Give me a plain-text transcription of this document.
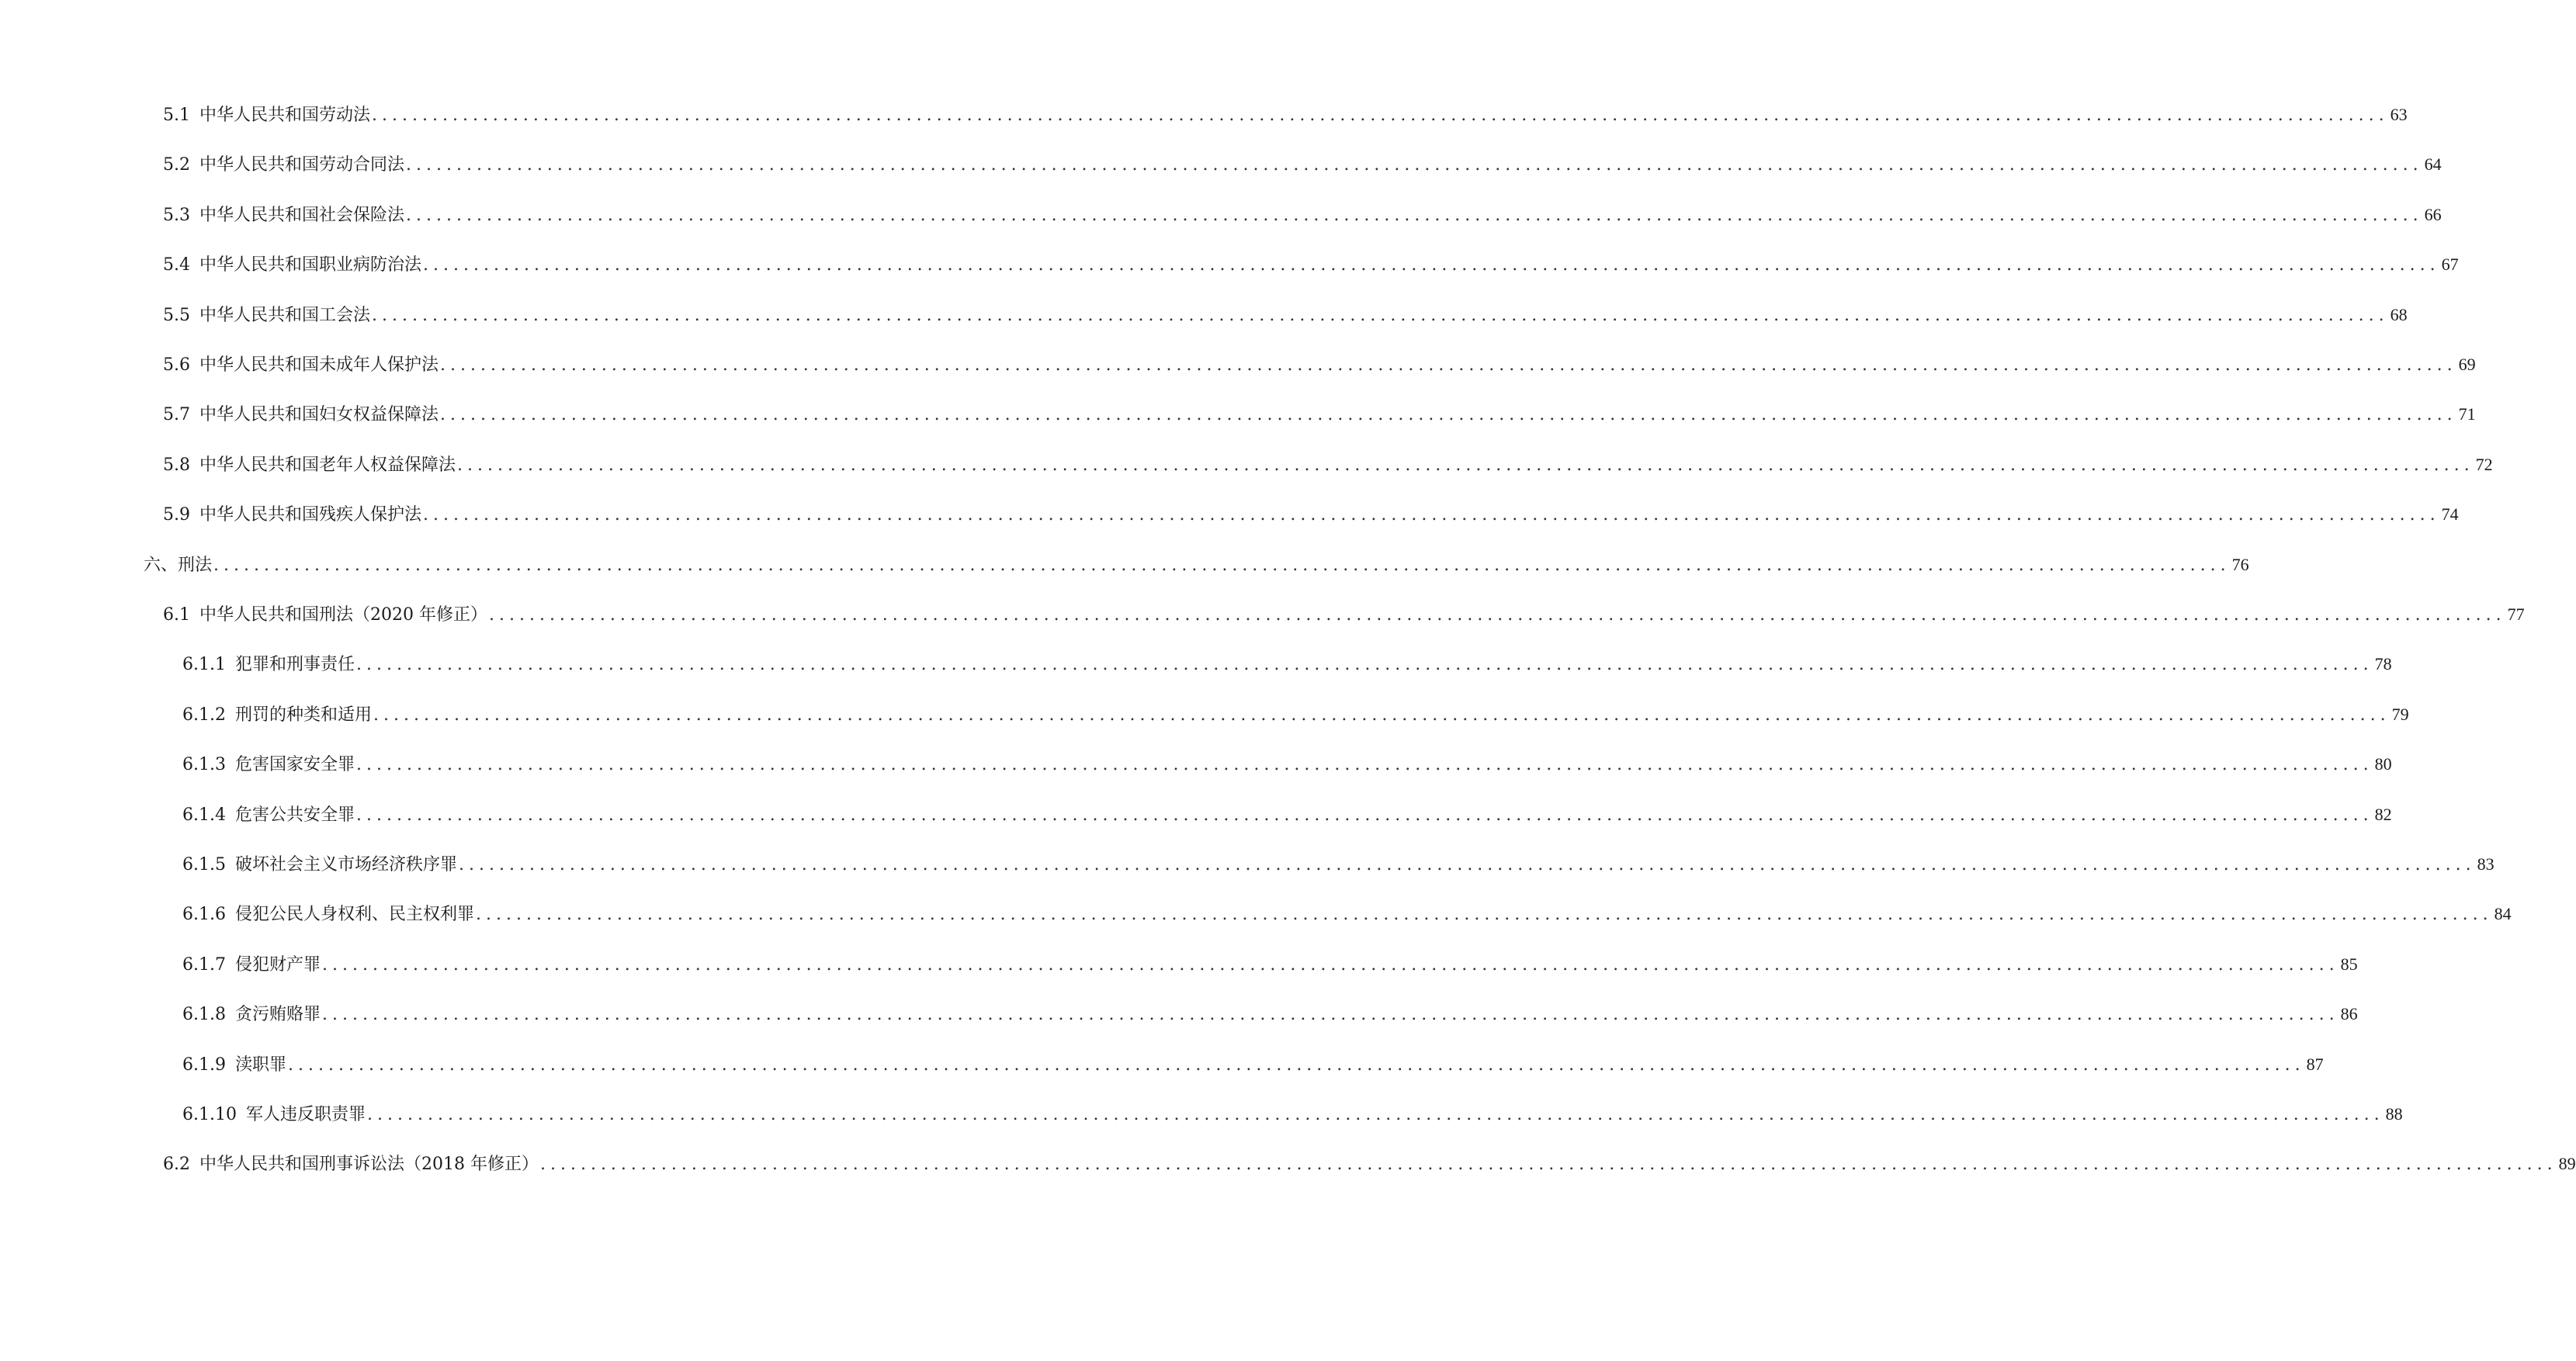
5.1 中华人民共和国劳动法 ........................................................................................................................................................................................................ 63
5.2 中华人民共和国劳动合同法 ........................................................................................................................................................................................................ 64
5.3 中华人民共和国社会保险法 ........................................................................................................................................................................................................ 66
5.4 中华人民共和国职业病防治法 ........................................................................................................................................................................................................ 67
5.5 中华人民共和国工会法 ........................................................................................................................................................................................................ 68
5.6 中华人民共和国未成年人保护法 ........................................................................................................................................................................................................ 69
5.7 中华人民共和国妇女权益保障法 ........................................................................................................................................................................................................ 71
5.8 中华人民共和国老年人权益保障法 ........................................................................................................................................................................................................ 72
5.9 中华人民共和国残疾人保护法 ........................................................................................................................................................................................................ 74
六、刑法 ........................................................................................................................................................................................................ 76
6.1 中华人民共和国刑法（2020 年修正） ........................................................................................................................................................................................................ 77
6.1.1 犯罪和刑事责任 ........................................................................................................................................................................................................ 78
6.1.2 刑罚的种类和适用 ........................................................................................................................................................................................................ 79
6.1.3 危害国家安全罪 ........................................................................................................................................................................................................ 80
6.1.4 危害公共安全罪 ........................................................................................................................................................................................................ 82
6.1.5 破坏社会主义市场经济秩序罪 ........................................................................................................................................................................................................ 83
6.1.6 侵犯公民人身权利、民主权利罪 ........................................................................................................................................................................................................ 84
6.1.7 侵犯财产罪 ........................................................................................................................................................................................................ 85
6.1.8 贪污贿赂罪 ........................................................................................................................................................................................................ 86
6.1.9 渎职罪 ........................................................................................................................................................................................................ 87
6.1.10 军人违反职责罪 ........................................................................................................................................................................................................ 88
6.2 中华人民共和国刑事诉讼法（2018 年修正） ........................................................................................................................................................................................................ 89
